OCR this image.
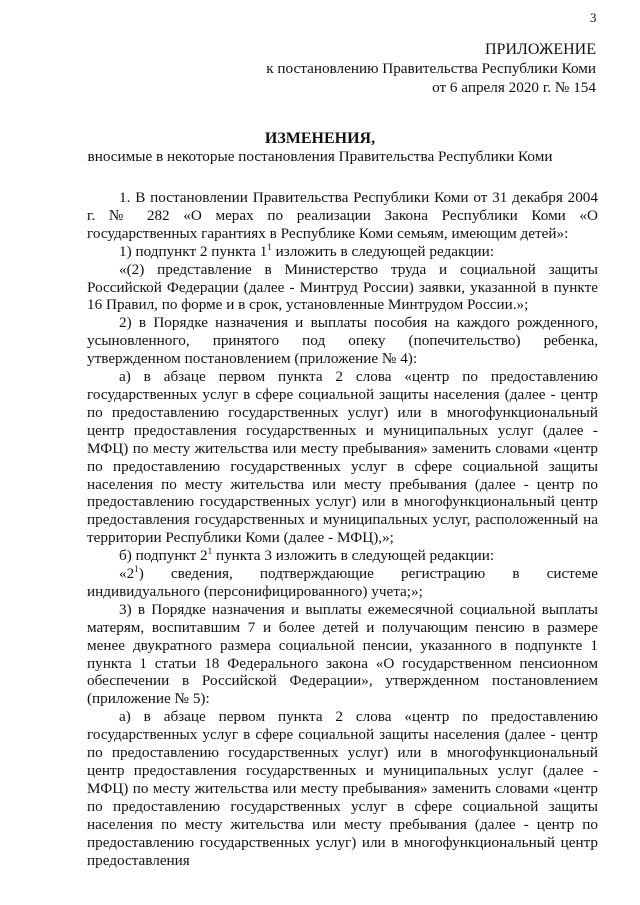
3
ПРИЛОЖЕНИЕ
к постановлению Правительства Республики Коми
от 6 апреля 2020 г. № 154
ИЗМЕНЕНИЯ,
вносимые в некоторые постановления Правительства Республики Коми

1. В постановлении Правительства Республики Коми от 31 декабря 2004 г. № 282 «О мерах по реализации Закона Республики Коми «О государственных гарантиях в Республике Коми семьям, имеющим детей»:

1) подпункт 2 пункта $1^1$ изложить в следующей редакции:

«(2) представление в Министерство труда и социальной защиты Российской Федерации (далее - Минтруд России) заявки, указанной в пункте 16 Правил, по форме и в срок, установленные Минтрудом России.»;

2) в Порядке назначения и выплаты пособия на каждого рожденного, усыновленного, принятого под опеку (попечительство) ребенка, утвержденном постановлением (приложение № 4):

а) в абзаце первом пункта 2 слова «центр по предоставлению государственных услуг в сфере социальной защиты населения (далее - центр по предоставлению государственных услуг) или в многофункциональный центр предоставления государственных и муниципальных услуг (далее - МФЦ) по месту жительства или месту пребывания» заменить словами «центр по предоставлению государственных услуг в сфере социальной защиты населения по месту жительства или месту пребывания (далее - центр по предоставлению государственных услуг) или в многофункциональный центр предоставления государственных и муниципальных услуг, расположенный на территории Республики Коми (далее - МФЦ),»;

б) подпункт $2^1$ пункта 3 изложить в следующей редакции:

«$2^1$) сведения, подтверждающие регистрацию в системе индивидуального (персонифицированного) учета;»;

3) в Порядке назначения и выплаты ежемесячной социальной выплаты матерям, воспитавшим 7 и более детей и получающим пенсию в размере менее двукратного размера социальной пенсии, указанного в подпункте 1 пункта 1 статьи 18 Федерального закона «О государственном пенсионном обеспечении в Российской Федерации», утвержденном постановлением (приложение № 5):

а) в абзаце первом пункта 2 слова «центр по предоставлению государственных услуг в сфере социальной защиты населения (далее - центр по предоставлению государственных услуг) или в многофункциональный центр предоставления государственных и муниципальных услуг (далее - МФЦ) по месту жительства или месту пребывания» заменить словами «центр по предоставлению государственных услуг в сфере социальной защиты населения по месту жительства или месту пребывания (далее - центр по предоставлению государственных услуг) или в многофункциональный центр предоставления
